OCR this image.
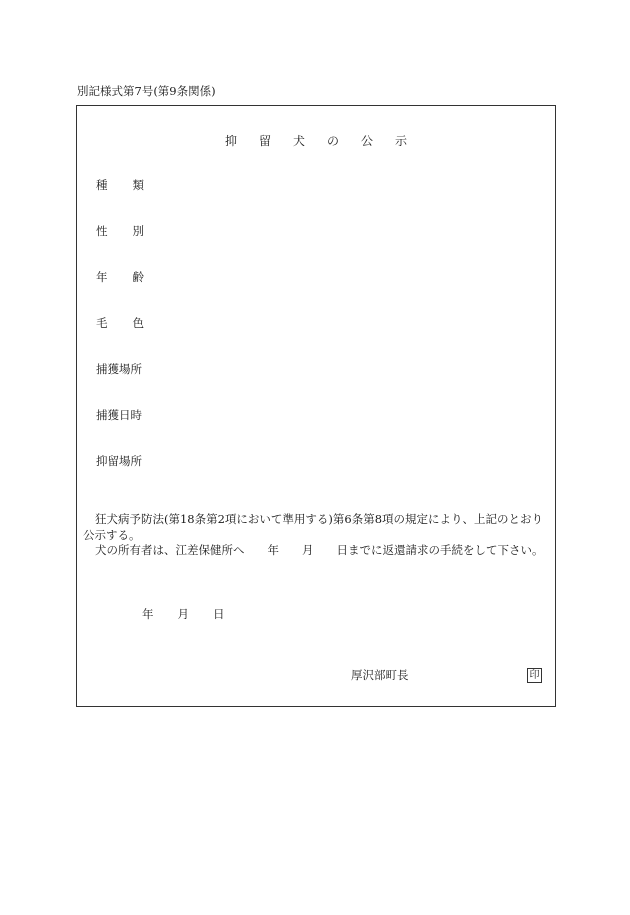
別記様式第7号(第9条関係)
抑留犬の公示
種類
性別
年齢
毛色
捕獲場所
捕獲日時
抑留場所

狂犬病予防法(第18条第2項において準用する)第6条第8項の規定により、上記のとおり公示する。

犬の所有者は、江差保健所へ　　年　　月　　日までに返還請求の手続をして下さい。

年 月 日
厚沢部町長	印
